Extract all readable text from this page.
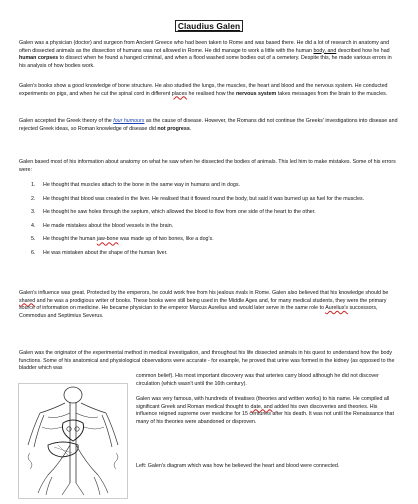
Claudius Galen

Galen was a physician (doctor) and surgeon from Ancient Greece who had been taken to Rome and was based there. He did a lot of research in anatomy and often dissected animals as the dissection of humans was not allowed in Rome. He did manage to work a little with the human body, and described how he had human corpses to dissect when he found a hanged criminal, and when a flood washed some bodies out of a cemetery. Despite this, he made various errors in his analysis of how bodies work.

Galen's books show a good knowledge of bone structure. He also studied the lungs, the muscles, the heart and blood and the nervous system. He conducted experiments on pigs, and when he cut the spinal cord in different places he realised how the nervous system takes messages from the brain to the muscles.

Galen accepted the Greek theory of the four humours as the cause of disease. However, the Romans did not continue the Greeks' investigations into disease and rejected Greek ideas, so Roman knowledge of disease did not progress.

Galen based most of his information about anatomy on what he saw when he dissected the bodies of animals. This led him to make mistakes. Some of his errors were:

1. He thought that muscles attach to the bone in the same way in humans and in dogs.
2. He thought that blood was created in the liver. He realised that it flowed round the body, but said it was burned up as fuel for the muscles.
3. He thought he saw holes through the septum, which allowed the blood to flow from one side of the heart to the other.
4. He made mistakes about the blood vessels in the brain.
5. He thought the human jaw-bone was made up of two bones, like a dog's.
6. He was mistaken about the shape of the human liver.

Galen's influence was great. Protected by the emperors, he could work free from his jealous rivals in Rome. Galen also believed that his knowledge should be shared and he was a prodigious writer of books. These books were still being used in the Middle Ages and, for many medical students, they were the primary source of information on medicine. He became physician to the emperor Marcus Aurelius and would later serve in the same role to Aurelius's successors, Commodus and Septimius Severus.

Galen was the originator of the experimental method in medical investigation, and throughout his life dissected animals in his quest to understand how the body functions. Some of his anatomical and physiological observations were accurate - for example, he proved that urine was formed in the kidney (as opposed to the bladder which was

common belief). His most important discovery was that arteries carry blood although he did not discover circulation (which wasn't until the 16th century).

Galen was very famous, with hundreds of treatises (theories and written works) to his name. He compiled all significant Greek and Roman medical thought to date, and added his own discoveries and theories. His influence reigned supreme over medicine for 15 centuries after his death. It was not until the Renaissance that many of his theories were abandoned or disproven.

Left: Galen's diagram which was how he believed the heart and blood were connected.
